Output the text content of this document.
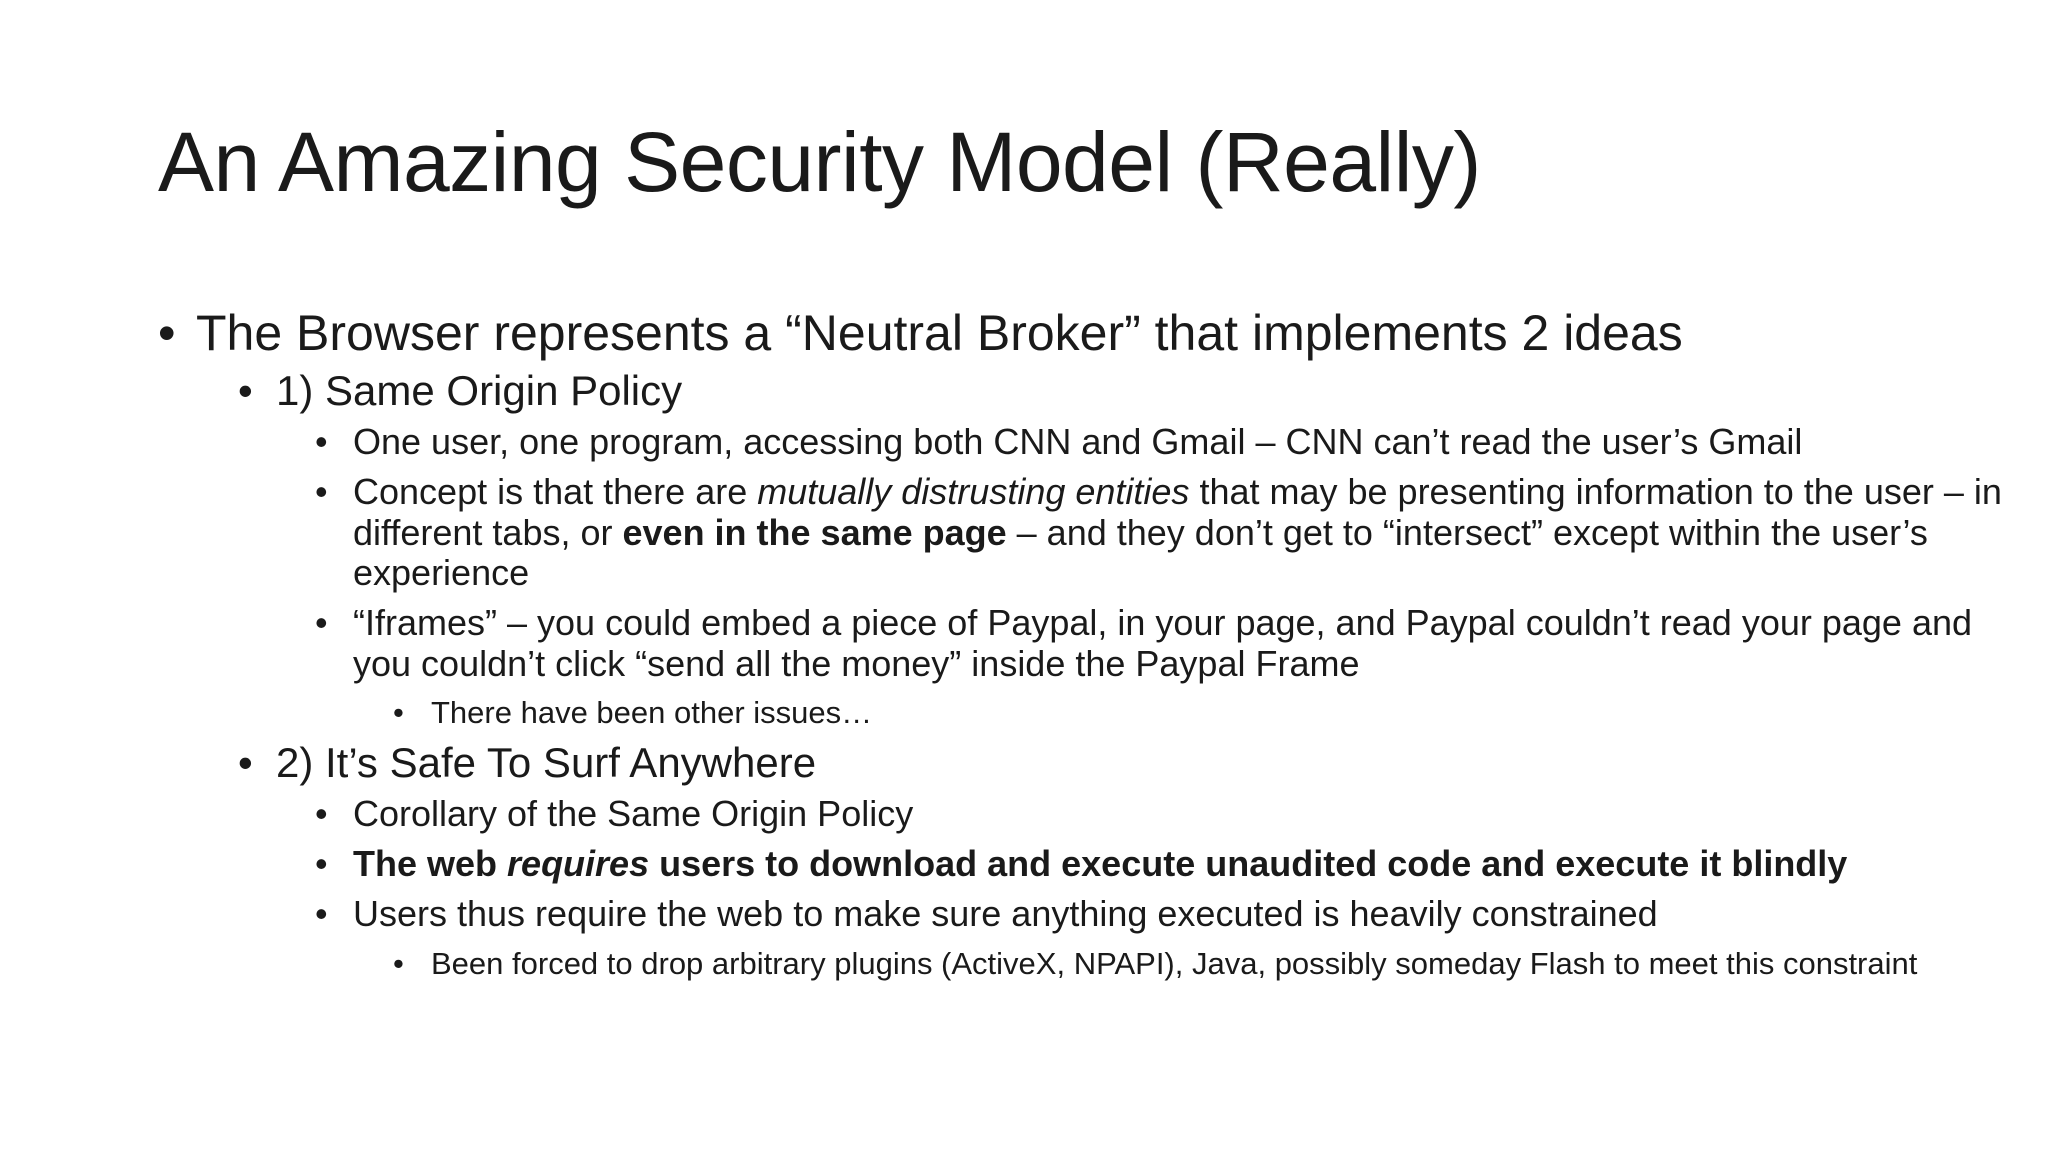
An Amazing Security Model (Really)
• The Browser represents a “Neutral Broker” that implements 2 ideas
• 1) Same Origin Policy
• One user, one program, accessing both CNN and Gmail – CNN can’t read the user’s Gmail
• Concept is that there are mutually distrusting entities that may be presenting information to the user – in different tabs, or even in the same page – and they don’t get to “intersect” except within the user’s experience
• “Iframes” – you could embed a piece of Paypal, in your page, and Paypal couldn’t read your page and you couldn’t click “send all the money” inside the Paypal Frame
• There have been other issues…
• 2) It’s Safe To Surf Anywhere
• Corollary of the Same Origin Policy
• The web requires users to download and execute unaudited code and execute it blindly
• Users thus require the web to make sure anything executed is heavily constrained
• Been forced to drop arbitrary plugins (ActiveX, NPAPI), Java, possibly someday Flash to meet this constraint
